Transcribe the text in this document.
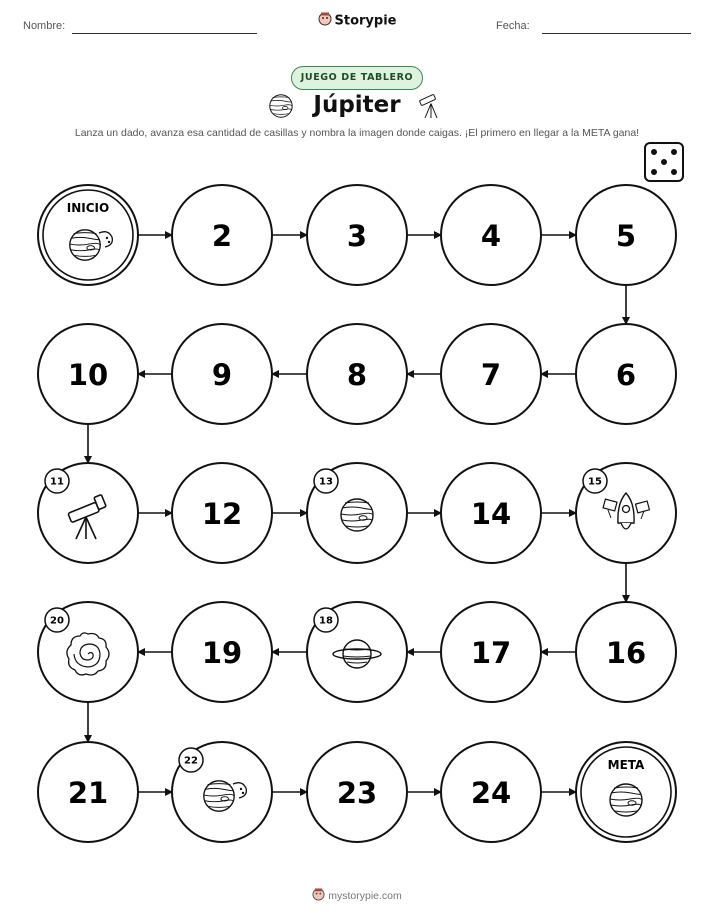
Nombre:	Storypie	Fecha:
JUEGO DE TABLERO
Júpiter
Lanza un dado, avanza esa cantidad de casillas y nombra la imagen donde caigas. ¡El primero en llegar a la META gana!
INICIO
2	3	4	5
6
7
8
9
10
11
12
13
14
15
16
17
18
19
20
21
22
23	24
META
mystorypie.com
